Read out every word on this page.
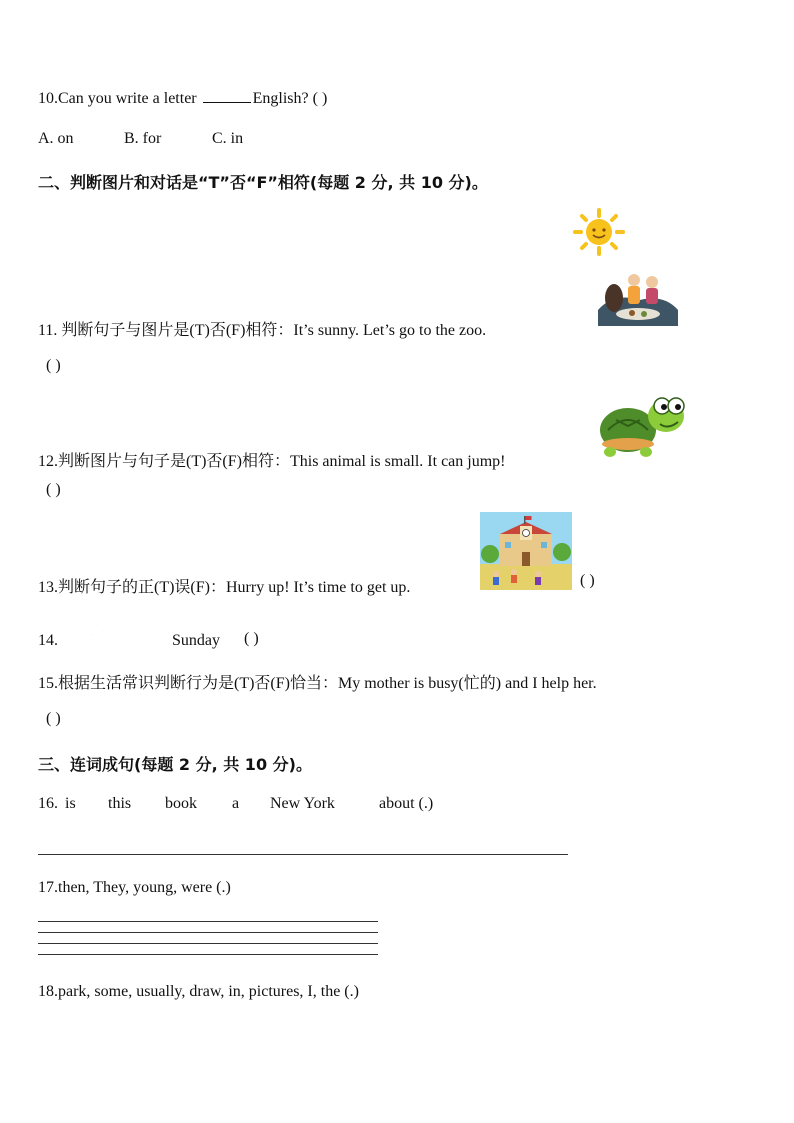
10.Can you write a letter	English? ( )
A. on	B. for	C. in
二、判断图片和对话是“T”否“F”相符(每题 2 分, 共 10 分)。
11. 判断句子与图片是(T)否(F)相符：It’s sunny. Let’s go to the zoo.
( )
12.判断图片与句子是(T)否(F)相符：This animal is small. It can jump!
( )
13.判断句子的正(T)误(F)：Hurry up! It’s time to get up.	( )
14. 星期四 Sunday ( )
15.根据生活常识判断行为是(T)否(F)恰当：My mother is busy(忙的) and I help her.
( )
三、连词成句(每题 2 分, 共 10 分)。
16. is this book a New York	about (.)
17.then, They, young, were (.)
18.park, some, usually, draw, in, pictures, I, the (.)
